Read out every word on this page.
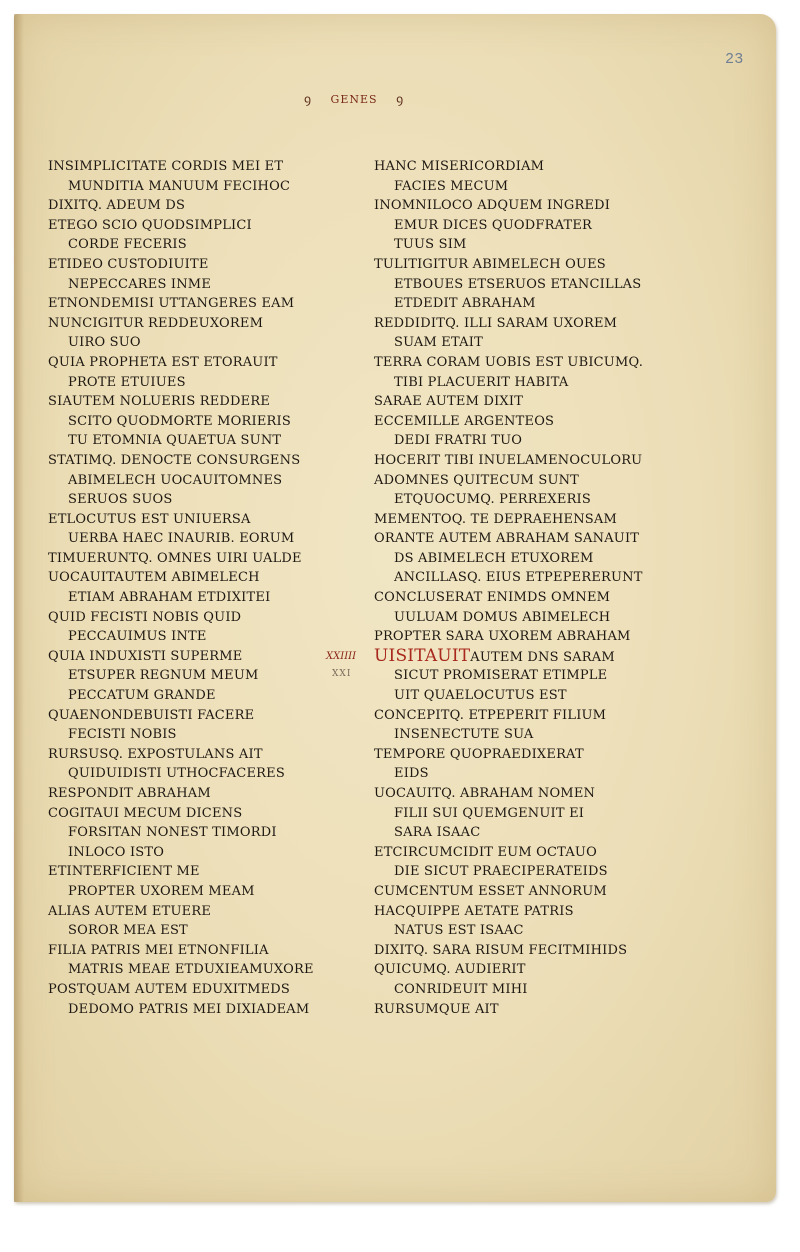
23
ꝯ GENES ꝯ
INSIMPLICITATE CORDIS MEI ET
MUNDITIA MANUUM FECIHOC
DIXITQ. ADEUM DS
ETEGO SCIO QUODSIMPLICI
CORDE FECERIS
ETIDEO CUSTODIUITE
NEPECCARES INME
ETNONDEMISI UTTANGERES EAM
NUNCIGITUR REDDEUXOREM
UIRO SUO
QUIA PROPHETA EST ETORAUIT
PROTE ETUIUES
SIAUTEM NOLUERIS REDDERE
SCITO QUODMORTE MORIERIS
TU ETOMNIA QUAETUA SUNT
STATIMQ. DENOCTE CONSURGENS
ABIMELECH UOCAUITOMNES
SERUOS SUOS
ETLOCUTUS EST UNIUERSA
UERBA HAEC INAURIB. EORUM
TIMUERUNTQ. OMNES UIRI UALDE
UOCAUITAUTEM ABIMELECH
ETIAM ABRAHAM ETDIXITEI
QUID FECISTI NOBIS QUID
PECCAUIMUS INTE
QUIA INDUXISTI SUPERME
ETSUPER REGNUM MEUM
PECCATUM GRANDE
QUAENONDEBUISTI FACERE
FECISTI NOBIS
RURSUSQ. EXPOSTULANS AIT
QUIDUIDISTI UTHOCFACERES
RESPONDIT ABRAHAM
COGITAUI MECUM DICENS
FORSITAN NONEST TIMORDI
INLOCO ISTO
ETINTERFICIENT ME
PROPTER UXOREM MEAM
ALIAS AUTEM ETUERE
SOROR MEA EST
FILIA PATRIS MEI ETNONFILIA
MATRIS MEAE ETDUXIEAMUXORE
POSTQUAM AUTEM EDUXITMEDS
DEDOMO PATRIS MEI DIXIADEAM
HANC MISERICORDIAM
FACIES MECUM
INOMNILOCO ADQUEM INGREDI
EMUR DICES QUODFRATER
TUUS SIM
TULITIGITUR ABIMELECH OUES
ETBOUES ETSERUOS ETANCILLAS
ETDEDIT ABRAHAM
REDDIDITQ. ILLI SARAM UXOREM
SUAM ETAIT
TERRA CORAM UOBIS EST UBICUMQ.
TIBI PLACUERIT HABITA
SARAE AUTEM DIXIT
ECCEMILLE ARGENTEOS
DEDI FRATRI TUO
HOCERIT TIBI INUELAMENOCULORU
ADOMNES QUITECUM SUNT
ETQUOCUMQ. PERREXERIS
MEMENTOQ. TE DEPRAEHENSAM
ORANTE AUTEM ABRAHAM SANAUIT
DS ABIMELECH ETUXOREM
ANCILLASQ. EIUS ETPEPERERUNT
CONCLUSERAT ENIMDS OMNEM
UULUAM DOMUS ABIMELECH
PROPTER SARA UXOREM ABRAHAM
XXIIII
XXI
UISITAUITAUTEM DNS SARAM
SICUT PROMISERAT ETIMPLE
UIT QUAELOCUTUS EST
CONCEPITQ. ETPEPERIT FILIUM
INSENECTUTE SUA
TEMPORE QUOPRAEDIXERAT
EIDS
UOCAUITQ. ABRAHAM NOMEN
FILII SUI QUEMGENUIT EI
SARA ISAAC
ETCIRCUMCIDIT EUM OCTAUO
DIE SICUT PRAECIPERATEIDS
CUMCENTUM ESSET ANNORUM
HACQUIPPE AETATE PATRIS
NATUS EST ISAAC
DIXITQ. SARA RISUM FECITMIHIDS
QUICUMQ. AUDIERIT
CONRIDEUIT MIHI
RURSUMQUE AIT
